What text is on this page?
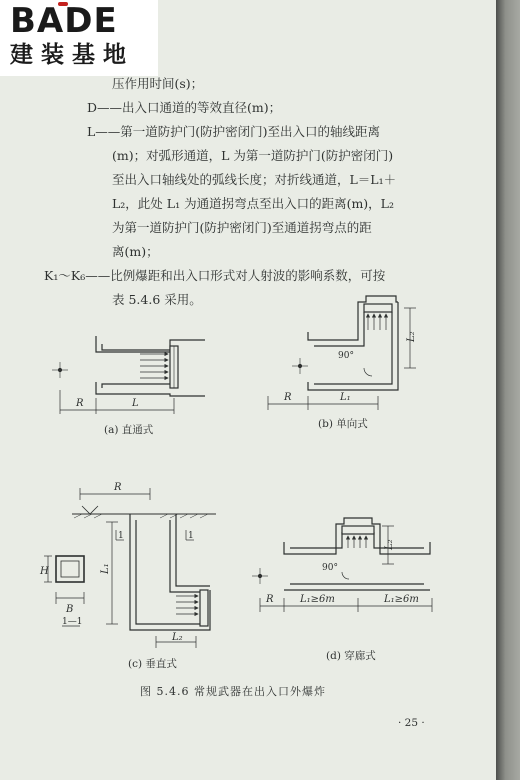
BADE
建装基地
压作用时间(s)；
D——出入口通道的等效直径(m)；
L——第一道防护门(防护密闭门)至出入口的轴线距离
(m)；对弧形通道，L 为第一道防护门(防护密闭门)
至出入口轴线处的弧线长度；对折线通道，L＝L₁＋
L₂，此处 L₁ 为通道拐弯点至出入口的距离(m)，L₂
为第一道防护门(防护密闭门)至通道拐弯点的距
离(m)；
K₁～K₆——比例爆距和出入口形式对人射波的影响系数，可按
表 5.4.6 采用。
R	L
R	L₁
L₂
R
L₁
L₂
H
B
R	L₁≥6m	L₁≥6m
L₂
90°
90°
1	1
1—1
(a) 直通式	(b) 单向式
(c) 垂直式
(d) 穿廊式
图 5.4.6 常规武器在出入口外爆炸
· 25 ·
